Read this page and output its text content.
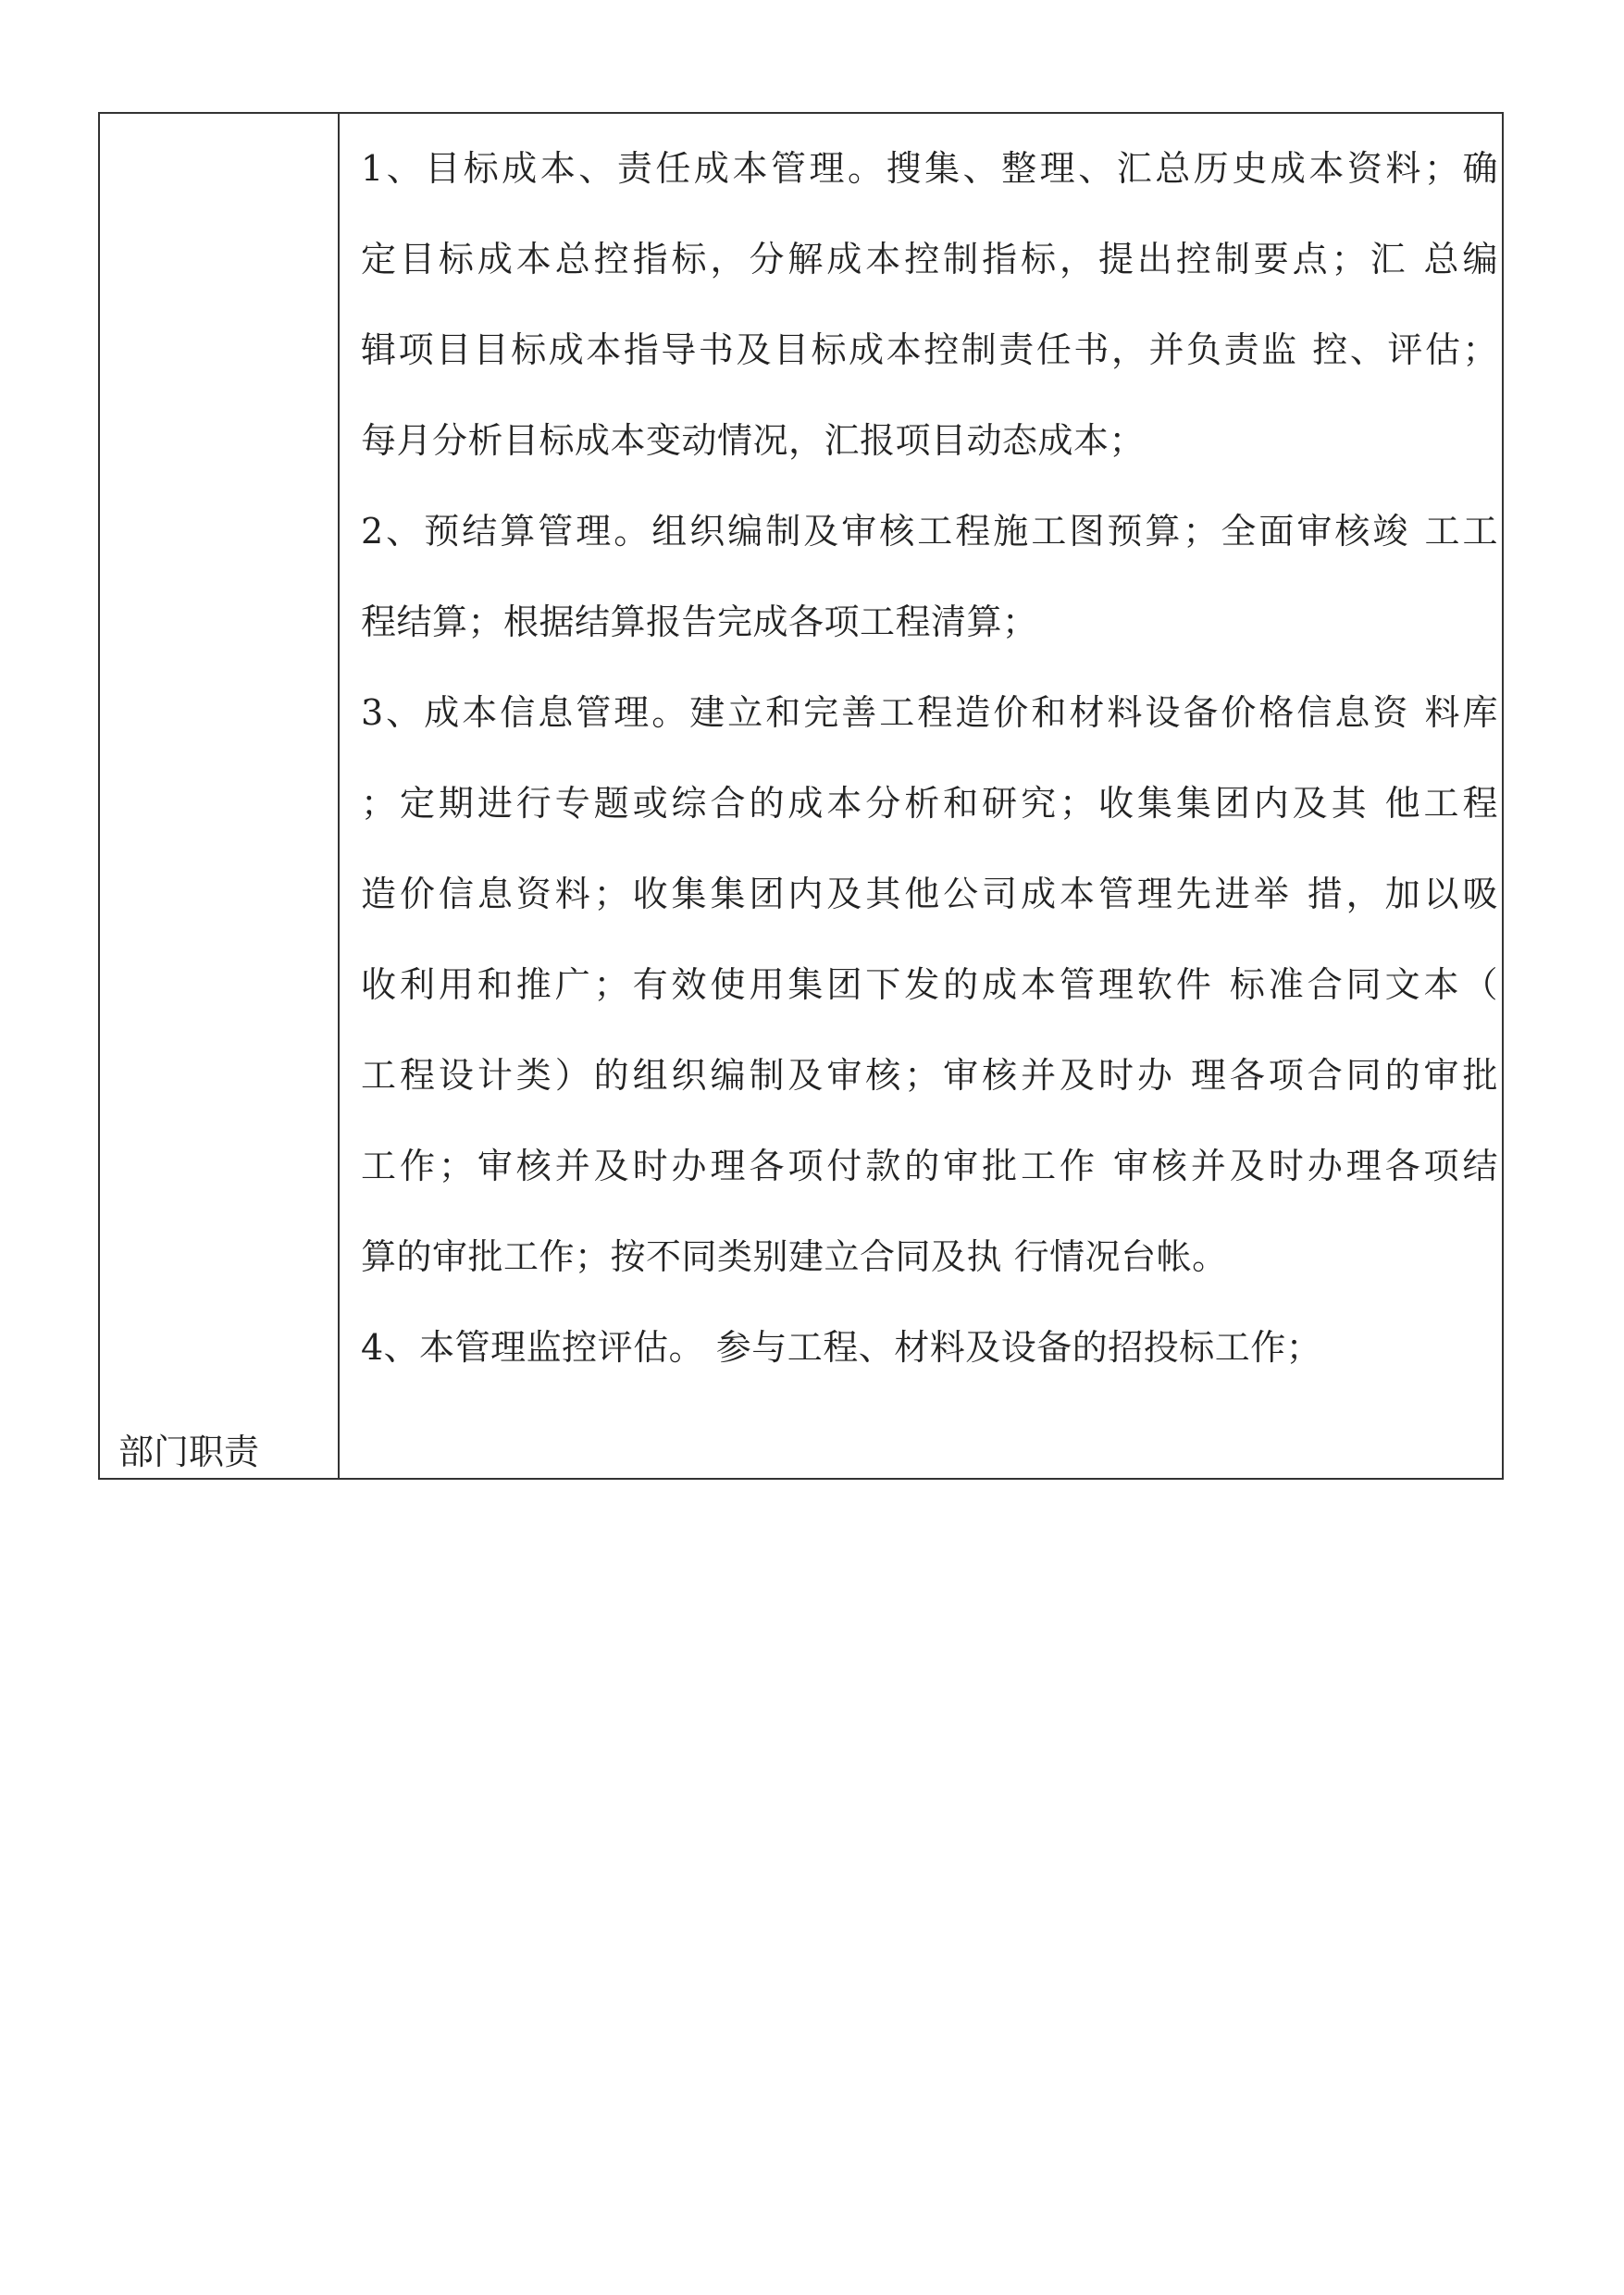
部门职责
1、目标成本、责任成本管理。搜集、整理、汇总历史成本资料；确
定目标成本总控指标，分解成本控制指标，提出控制要点；汇 总编
辑项目目标成本指导书及目标成本控制责任书，并负责监 控、评估；
每月分析目标成本变动情况，汇报项目动态成本；
2、预结算管理。组织编制及审核工程施工图预算；全面审核竣 工工
程结算；根据结算报告完成各项工程清算；
3、成本信息管理。建立和完善工程造价和材料设备价格信息资 料库
；定期进行专题或综合的成本分析和研究；收集集团内及其 他工程
造价信息资料；收集集团内及其他公司成本管理先进举 措，加以吸
收利用和推广；有效使用集团下发的成本管理软件 标准合同文本（
工程设计类）的组织编制及审核；审核并及时办 理各项合同的审批
工作；审核并及时办理各项付款的审批工作 审核并及时办理各项结
算的审批工作；按不同类别建立合同及执 行情况台帐。
4、本管理监控评估。 参与工程、材料及设备的招投标工作；
